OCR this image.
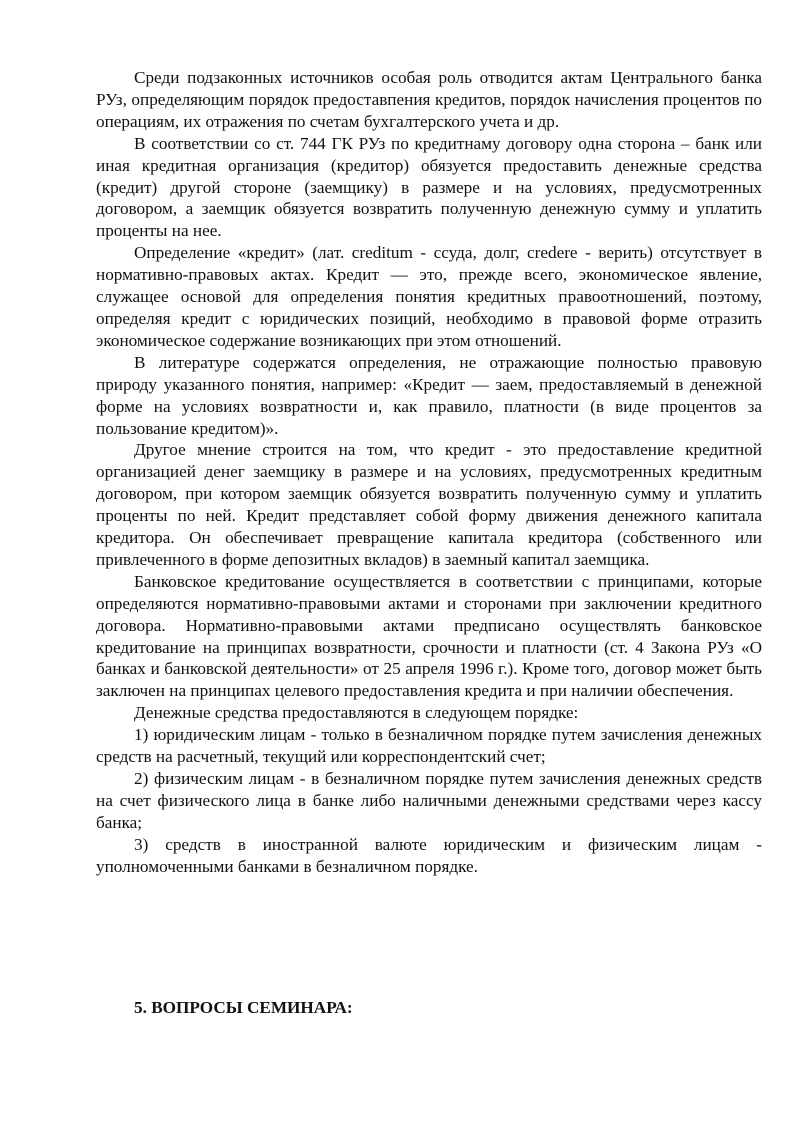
Среди подзаконных источников особая роль отводится актам Центрального банка РУз, определяющим порядок предоставпения кредитов, порядок начисления процентов по операциям, их отражения по счетам бухгалтерского учета и др.

В соответствии со ст. 744 ГК РУз по кредитнаму договору одна сторона – банк или иная кредитная организация (кредитор) обязуется предоставить денежные средства (кредит) другой стороне (заемщику) в размере и на условиях, предусмотренных договором, а заемщик обязуется возвратить полученную денежную сумму и уплатить проценты на нее.

Определение «кредит» (лат. creditum - ссуда, долг, credere - верить) отсутствует в нормативно-правовых актах. Кредит — это, прежде всего, экономическое явление, служащее основой для определения понятия кредитных правоотношений, поэтому, определяя кредит с юридических позиций, необходимо в правовой форме отразить экономическое содержание возникающих при этом отношений.

В литературе содержатся определения, не отражающие полностью правовую природу указанного понятия, например: «Кредит — заем, предоставляемый в денежной форме на условиях возвратности и, как правило, платности (в виде процентов за пользование кредитом)».

Другое мнение строится на том, что кредит - это предоставление кредитной организацией денег заемщику в размере и на условиях, предусмотренных кредитным договором, при котором заемщик обязуется возвратить полученную сумму и уплатить проценты по ней. Кредит представляет собой форму движения денежного капитала кредитора. Он обеспечивает превращение капитала кредитора (собственного или привлеченного в форме депозитных вкладов) в заемный капитал заемщика.

Банковское кредитование осуществляется в соответствии с принципами, которые определяются нормативно-правовыми актами и сторонами при заключении кредитного договора. Нормативно-правовыми актами предписано осуществлять банковское кредитование на принципах возвратности, срочности и платности (ст. 4 Закона РУз «О банках и банковской деятельности» от 25 апреля 1996 г.). Кроме того, договор может быть заключен на принципах целевого предоставления кредита и при наличии обеспечения.

Денежные средства предоставляются в следующем порядке:

1) юридическим лицам - только в безналичном порядке путем зачисления денежных средств на расчетный, текущий или корреспондентский счет;

2) физическим лицам - в безналичном порядке путем зачисления денежных средств на счет физического лица в банке либо наличными денежными средствами через кассу банка;

3) средств в иностранной валюте юридическим и физическим лицам - уполномоченными банками в безналичном порядке.

5. ВОПРОСЫ СЕМИНАРА:
